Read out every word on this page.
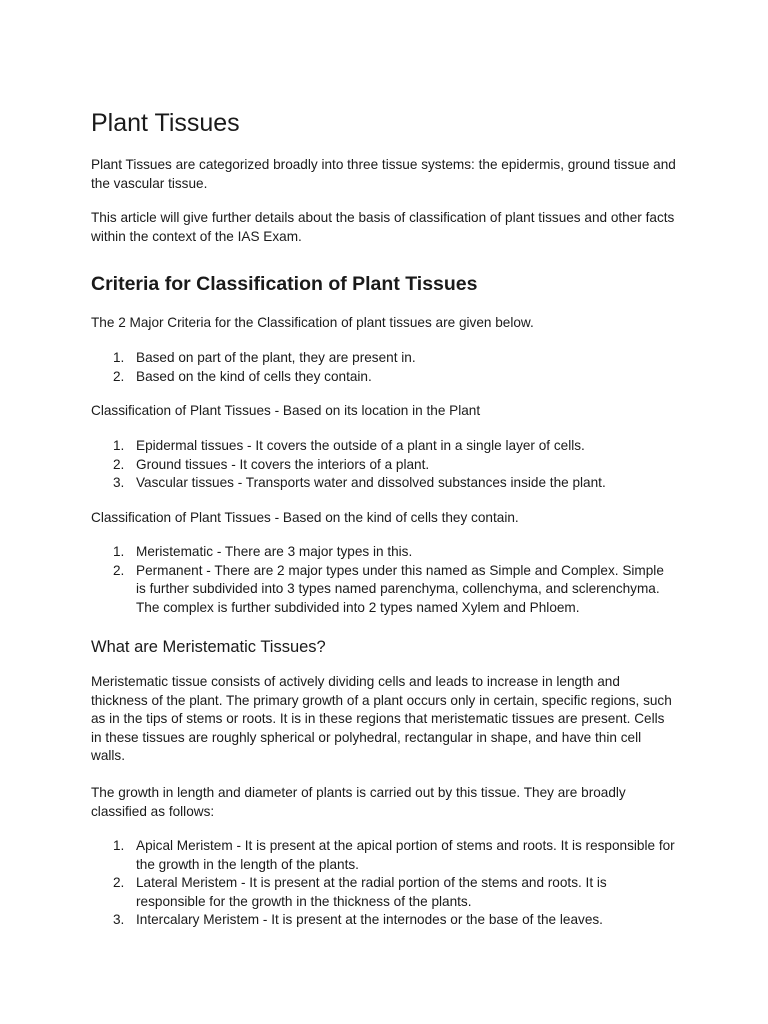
Plant Tissues

Plant Tissues are categorized broadly into three tissue systems: the epidermis, ground tissue and the vascular tissue.

This article will give further details about the basis of classification of plant tissues and other facts within the context of the IAS Exam.

Criteria for Classification of Plant Tissues

The 2 Major Criteria for the Classification of plant tissues are given below.

1. Based on part of the plant, they are present in.
2. Based on the kind of cells they contain.

Classification of Plant Tissues - Based on its location in the Plant

1. Epidermal tissues - It covers the outside of a plant in a single layer of cells.
2. Ground tissues - It covers the interiors of a plant.
3. Vascular tissues - Transports water and dissolved substances inside the plant.

Classification of Plant Tissues - Based on the kind of cells they contain.

1. Meristematic - There are 3 major types in this.
2. Permanent - There are 2 major types under this named as Simple and Complex. Simple is further subdivided into 3 types named parenchyma, collenchyma, and sclerenchyma. The complex is further subdivided into 2 types named Xylem and Phloem.
What are Meristematic Tissues?

Meristematic tissue consists of actively dividing cells and leads to increase in length and thickness of the plant. The primary growth of a plant occurs only in certain, specific regions, such as in the tips of stems or roots. It is in these regions that meristematic tissues are present. Cells in these tissues are roughly spherical or polyhedral, rectangular in shape, and have thin cell walls.

The growth in length and diameter of plants is carried out by this tissue. They are broadly classified as follows:

1. Apical Meristem - It is present at the apical portion of stems and roots. It is responsible for the growth in the length of the plants.
2. Lateral Meristem - It is present at the radial portion of the stems and roots. It is responsible for the growth in the thickness of the plants.
3. Intercalary Meristem - It is present at the internodes or the base of the leaves.
